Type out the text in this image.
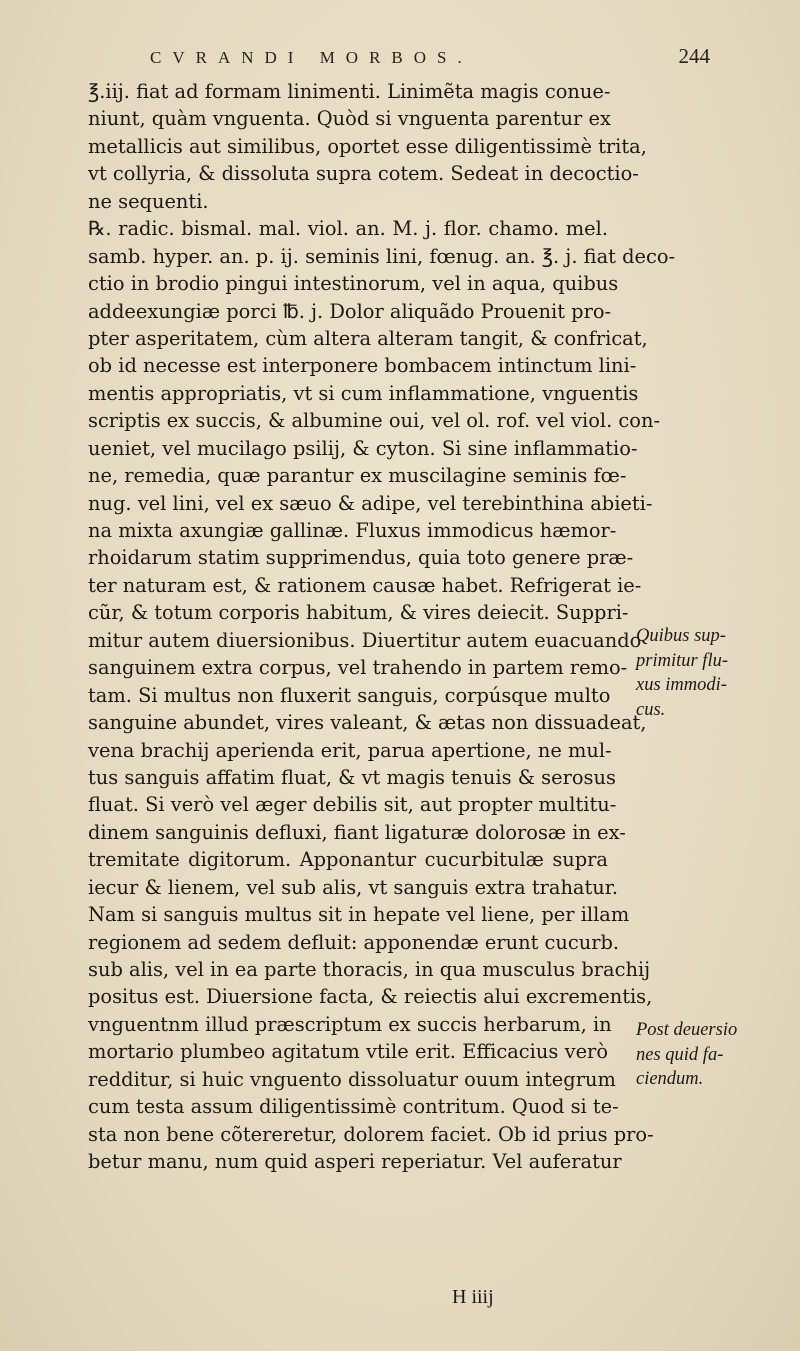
CVRANDI MORBOS.	244
℥.iij. fiat ad formam linimenti. Linimẽta magis conue-
niunt, quàm vnguenta. Quòd si vnguenta parentur ex
metallicis aut similibus, oportet esse diligentissimè trita,
vt collyria, & dissoluta supra cotem. Sedeat in decoctio-
ne sequenti.
℞. radic. bismal. mal. viol. an. M. j. flor. chamo. mel.
samb. hyper. an. p. ij. seminis lini, fœnug. an. ℥. j. fiat deco-
ctio in brodio pingui intestinorum, vel in aqua, quibus
addeexungiæ porci ℔. j. Dolor aliquãdo Prouenit pro-
pter asperitatem, cùm altera alteram tangit, & confricat,
ob id necesse est interponere bombacem intinctum lini-
mentis appropriatis, vt si cum inflammatione, vnguentis
scriptis ex succis, & albumine oui, vel ol. rof. vel viol. con-
ueniet, vel mucilago psilij, & cyton. Si sine inflammatio-
ne, remedia, quæ parantur ex muscilagine seminis fœ-
nug. vel lini, vel ex sæuo & adipe, vel terebinthina abieti-
na mixta axungiæ gallinæ. Fluxus immodicus hæmor-
rhoidarum statim supprimendus, quia toto genere præ-
ter naturam est, & rationem causæ habet. Refrigerat ie-
cũr, & totum corporis habitum, & vires deiecit. Suppri-
mitur autem diuersionibus. Diuertitur autem euacuando
sanguinem extra corpus, vel trahendo in partem remo-
tam. Si multus non fluxerit sanguis, corpúsque multo
sanguine abundet, vires valeant, & ætas non dissuadeat,
vena brachij aperienda erit, parua apertione, ne mul-
tus sanguis affatim fluat, & vt magis tenuis & serosus
fluat. Si verò vel æger debilis sit, aut propter multitu-
dinem sanguinis defluxi, fiant ligaturæ dolorosæ in ex-
tremitate digitorum. Apponantur cucurbitulæ supra
iecur & lienem, vel sub alis, vt sanguis extra trahatur.
Nam si sanguis multus sit in hepate vel liene, per illam
regionem ad sedem defluit: apponendæ erunt cucurb.
sub alis, vel in ea parte thoracis, in qua musculus brachij
positus est. Diuersione facta, & reiectis alui excrementis,
vnguentnm illud præscriptum ex succis herbarum, in
mortario plumbeo agitatum vtile erit. Efficacius verò
redditur, si huic vnguento dissoluatur ouum integrum
cum testa assum diligentissimè contritum. Quod si te-
sta non bene cõtereretur, dolorem faciet. Ob id prius pro-
betur manu, num quid asperi reperiatur. Vel auferatur
Quibus sup-
primitur flu-
xus immodi-
cus.
Post deuersio
nes quid fa-
ciendum.
H iiij
